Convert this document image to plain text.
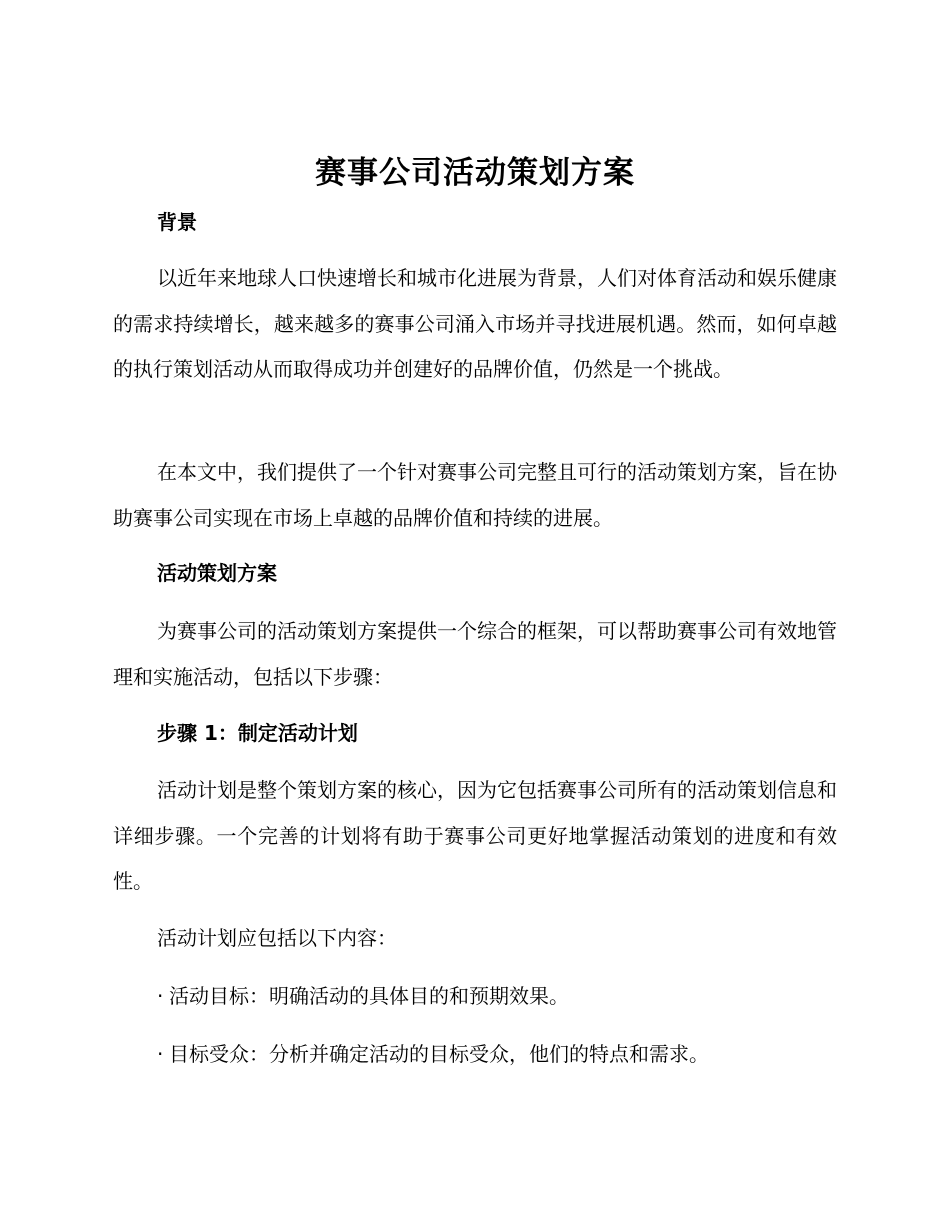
赛事公司活动策划方案
背景

以近年来地球人口快速增长和城市化进展为背景，人们对体育活动和娱乐健康的需求持续增长，越来越多的赛事公司涌入市场并寻找进展机遇。然而，如何卓越的执行策划活动从而取得成功并创建好的品牌价值，仍然是一个挑战。

在本文中，我们提供了一个针对赛事公司完整且可行的活动策划方案，旨在协助赛事公司实现在市场上卓越的品牌价值和持续的进展。

活动策划方案

为赛事公司的活动策划方案提供一个综合的框架，可以帮助赛事公司有效地管理和实施活动，包括以下步骤：

步骤 1：制定活动计划

活动计划是整个策划方案的核心，因为它包括赛事公司所有的活动策划信息和详细步骤。一个完善的计划将有助于赛事公司更好地掌握活动策划的进度和有效性。

活动计划应包括以下内容：

· 活动目标：明确活动的具体目的和预期效果。

· 目标受众：分析并确定活动的目标受众，他们的特点和需求。
